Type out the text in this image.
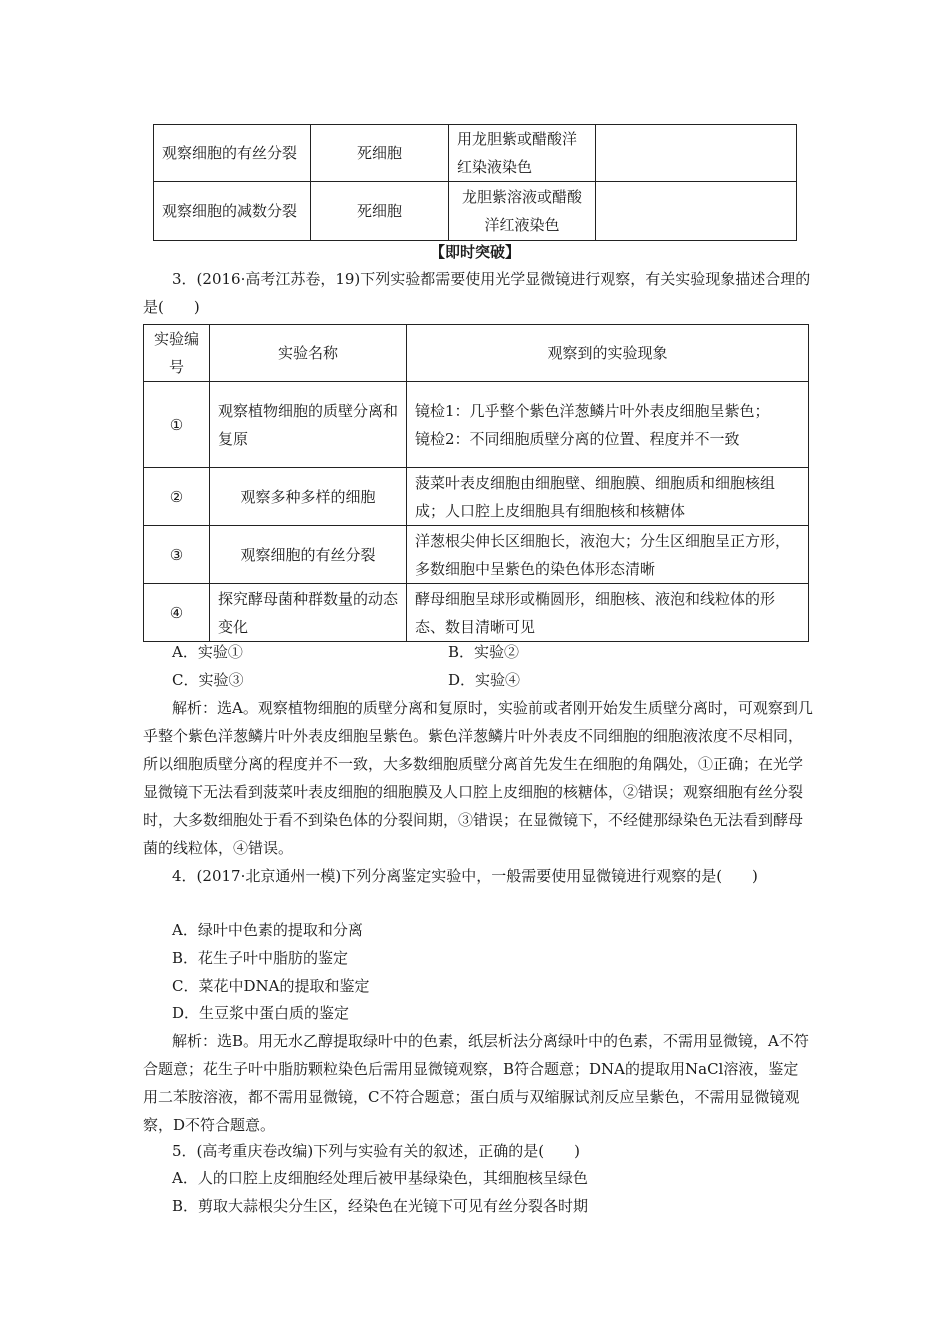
观察细胞的有丝分裂	死细胞	用龙胆紫或醋酸洋红染液染色	
观察细胞的减数分裂	死细胞	龙胆紫溶液或醋酸洋红液染色	
【即时突破】
3．(2016·高考江苏卷，19)下列实验都需要使用光学显微镜进行观察，有关实验现象描述合理的是(　　)
实验编号	实验名称	观察到的实验现象
①	观察植物细胞的质壁分离和复原	镜检1：几乎整个紫色洋葱鳞片叶外表皮细胞呈紫色；
镜检2：不同细胞质壁分离的位置、程度并不一致

②	观察多种多样的细胞	菠菜叶表皮细胞由细胞壁、细胞膜、细胞质和细胞核组成；人口腔上皮细胞具有细胞核和核糖体
③	观察细胞的有丝分裂	洋葱根尖伸长区细胞长，液泡大；分生区细胞呈正方形，多数细胞中呈紫色的染色体形态清晰
④	探究酵母菌种群数量的动态变化	酵母细胞呈球形或椭圆形，细胞核、液泡和线粒体的形态、数目清晰可见
A．实验①	B．实验②
C．实验③	D．实验④
解析：选A。观察植物细胞的质壁分离和复原时，实验前或者刚开始发生质壁分离时，可观察到几乎整个紫色洋葱鳞片叶外表皮细胞呈紫色。紫色洋葱鳞片叶外表皮不同细胞的细胞液浓度不尽相同，所以细胞质壁分离的程度并不一致，大多数细胞质壁分离首先发生在细胞的角隅处，①正确；在光学显微镜下无法看到菠菜叶表皮细胞的细胞膜及人口腔上皮细胞的核糖体，②错误；观察细胞有丝分裂时，大多数细胞处于看不到染色体的分裂间期，③错误；在显微镜下，不经健那绿染色无法看到酵母菌的线粒体，④错误。
4．(2017·北京通州一模)下列分离鉴定实验中，一般需要使用显微镜进行观察的是(　　)
A．绿叶中色素的提取和分离
B．花生子叶中脂肪的鉴定
C．菜花中DNA的提取和鉴定
D．生豆浆中蛋白质的鉴定
解析：选B。用无水乙醇提取绿叶中的色素，纸层析法分离绿叶中的色素，不需用显微镜，A不符合题意；花生子叶中脂肪颗粒染色后需用显微镜观察，B符合题意；DNA的提取用NaCl溶液，鉴定用二苯胺溶液，都不需用显微镜，C不符合题意；蛋白质与双缩脲试剂反应呈紫色，不需用显微镜观察，D不符合题意。
5．(高考重庆卷改编)下列与实验有关的叙述，正确的是(　　)
A．人的口腔上皮细胞经处理后被甲基绿染色，其细胞核呈绿色
B．剪取大蒜根尖分生区，经染色在光镜下可见有丝分裂各时期
